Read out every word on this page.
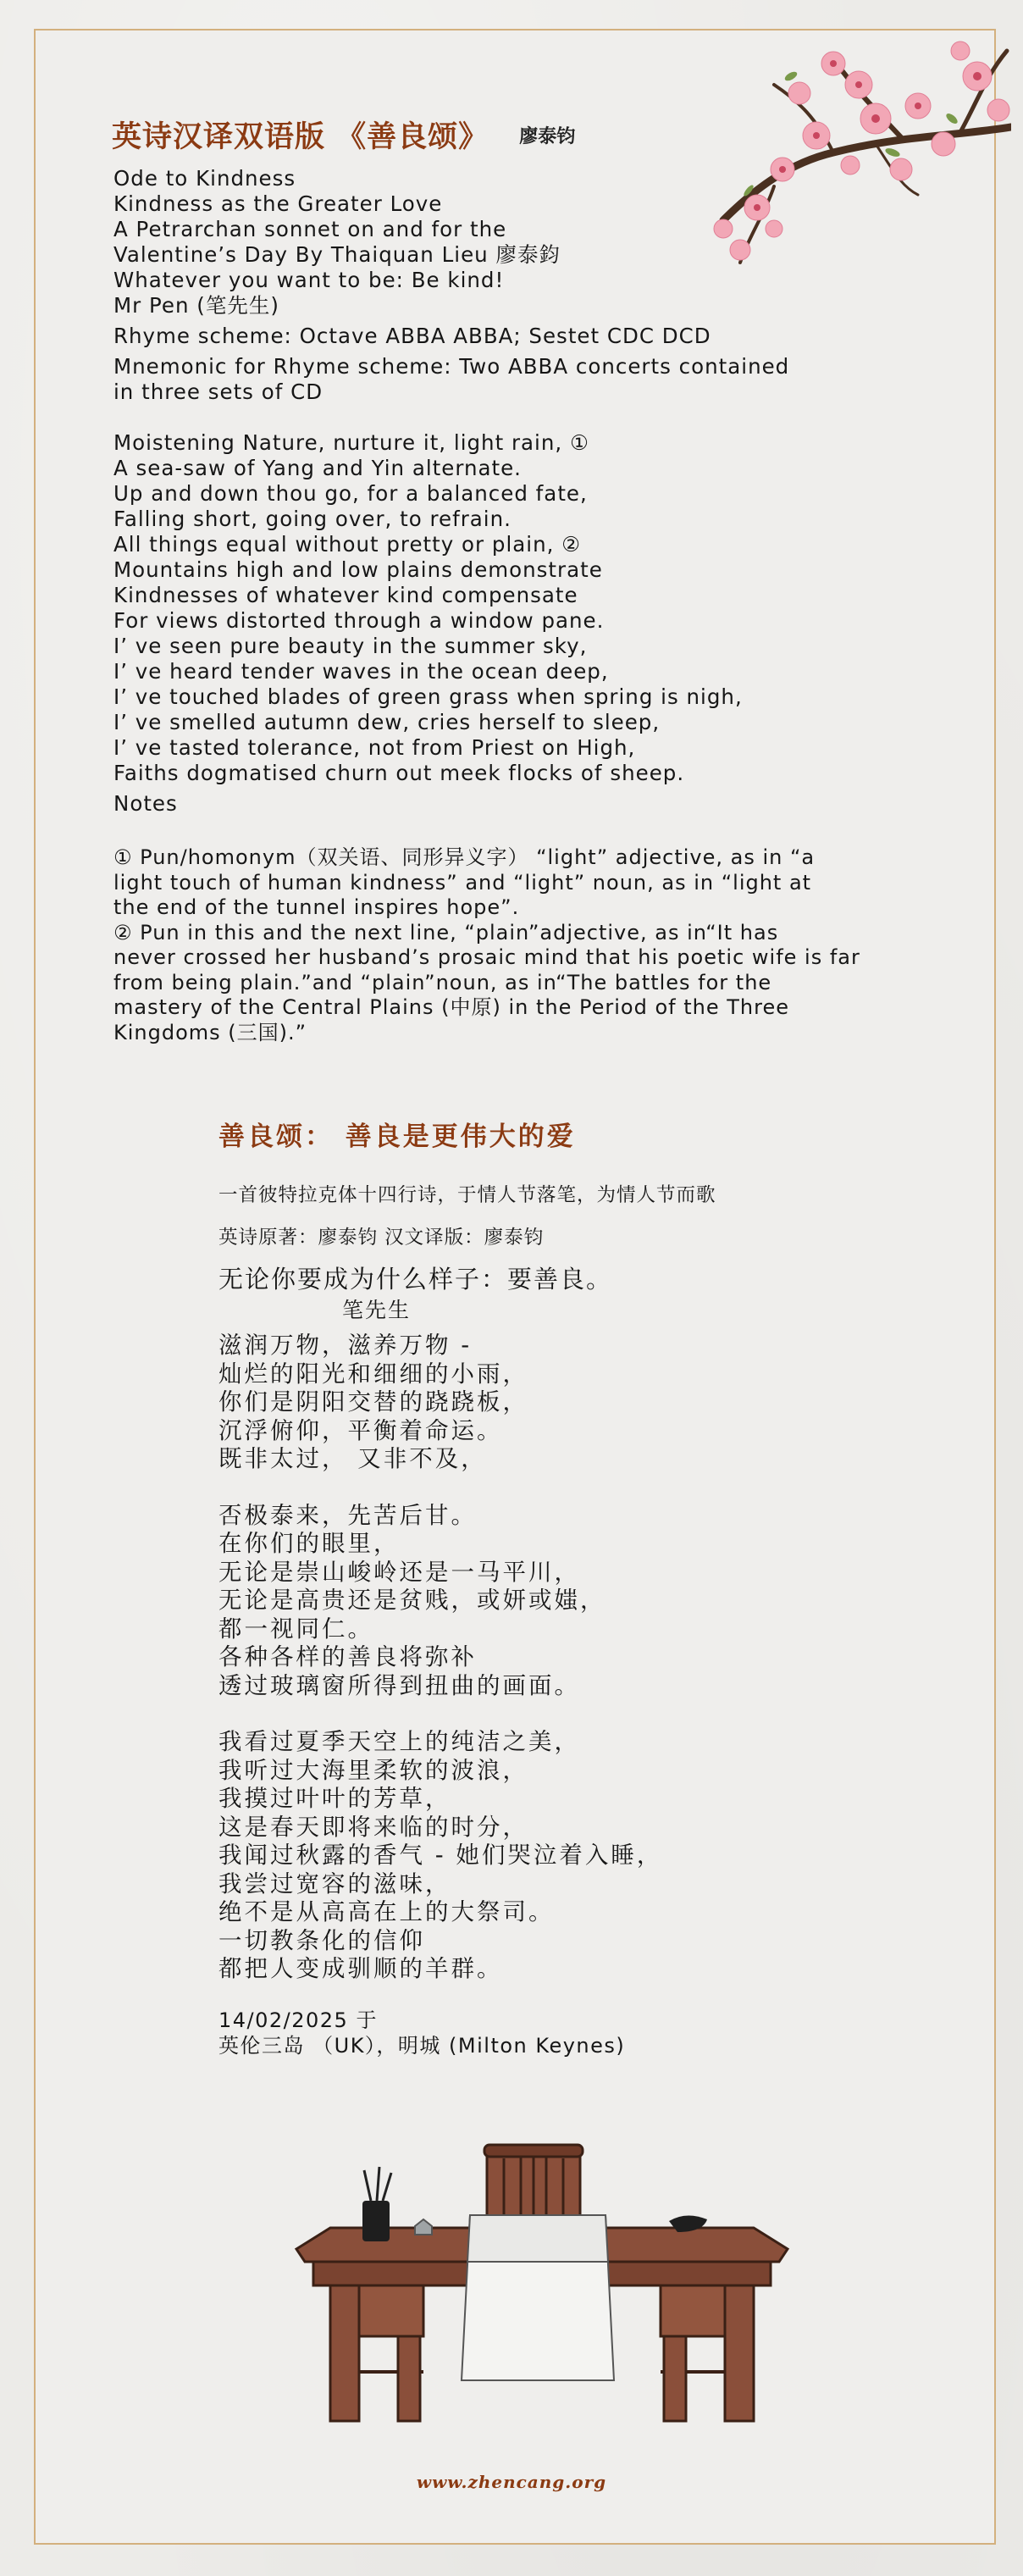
英诗汉译双语版 《善良颂》 廖泰钧

Ode to Kindness

Kindness as the Greater Love

A Petrarchan sonnet on and for the

Valentine’s Day By Thaiquan Lieu 廖泰鈞

Whatever you want to be: Be kind!

Mr Pen (笔先生)

Rhyme scheme: Octave ABBA ABBA; Sestet CDC DCD

Mnemonic for Rhyme scheme: Two ABBA concerts contained

in three sets of CD

Moistening Nature, nurture it, light rain, ①

A sea-saw of Yang and Yin alternate.

Up and down thou go, for a balanced fate,

Falling short, going over, to refrain.

All things equal without pretty or plain, ②

Mountains high and low plains demonstrate

Kindnesses of whatever kind compensate

For views distorted through a window pane.

I’ ve seen pure beauty in the summer sky,

I’ ve heard tender waves in the ocean deep,

I’ ve touched blades of green grass when spring is nigh,

I’ ve smelled autumn dew, cries herself to sleep,

I’ ve tasted tolerance, not from Priest on High,

Faiths dogmatised churn out meek flocks of sheep.

Notes

① Pun/homonym（双关语、同形异义字） “light” adjective, as in “a

light touch of human kindness” and “light” noun, as in “light at

the end of the tunnel inspires hope”.

② Pun in this and the next line, “plain”adjective, as in“It has

never crossed her husband’s prosaic mind that his poetic wife is far

from being plain.”and “plain”noun, as in“The battles for the

mastery of the Central Plains (中原) in the Period of the Three

Kingdoms (三国).”

善良颂： 善良是更伟大的爱

一首彼特拉克体十四行诗，于情人节落笔，为情人节而歌

英诗原著：廖泰钧 汉文译版：廖泰钧

无论你要成为什么样子：要善良。

笔先生

滋润万物，滋养万物 -

灿烂的阳光和细细的小雨，

你们是阴阳交替的跷跷板，

沉浮俯仰，平衡着命运。

既非太过， 又非不及，

否极泰来，先苦后甘。

在你们的眼里，

无论是崇山峻岭还是一马平川，

无论是高贵还是贫贱，或妍或媸，

都一视同仁。

各种各样的善良将弥补

透过玻璃窗所得到扭曲的画面。

我看过夏季天空上的纯洁之美，

我听过大海里柔软的波浪，

我摸过叶叶的芳草，

这是春天即将来临的时分，

我闻过秋露的香气 - 她们哭泣着入睡，

我尝过宽容的滋味，

绝不是从高高在上的大祭司。

一切教条化的信仰

都把人变成驯顺的羊群。

14/02/2025 于

英伦三岛 （UK），明城 (Milton Keynes)

www.zhencang.org
